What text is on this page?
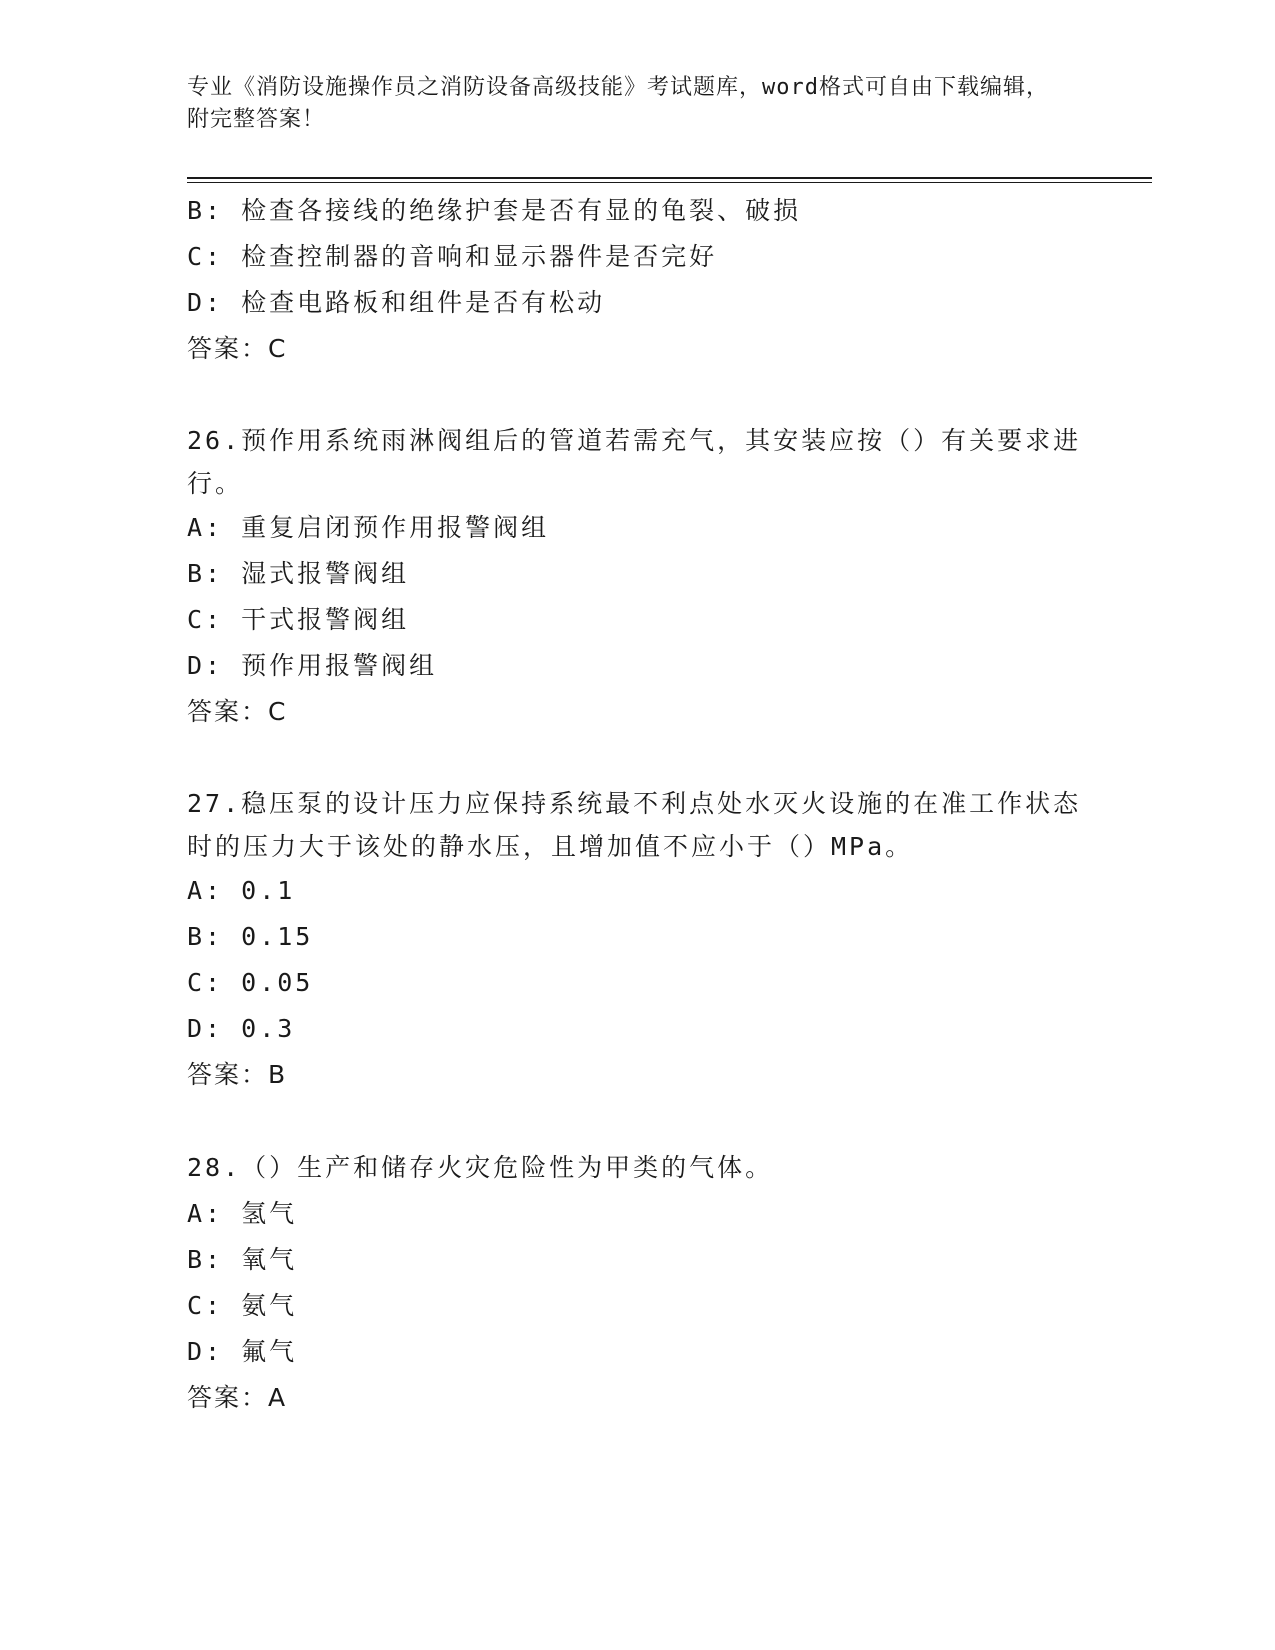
专业《消防设施操作员之消防设备高级技能》考试题库，word格式可自由下载编辑，附完整答案！
B: 检查各接线的绝缘护套是否有显的龟裂、破损
C: 检查控制器的音响和显示器件是否完好
D: 检查电路板和组件是否有松动
答案：C
26.预作用系统雨淋阀组后的管道若需充气，其安装应按（）有关要求进行。
A: 重复启闭预作用报警阀组
B: 湿式报警阀组
C: 干式报警阀组
D: 预作用报警阀组
答案：C
27.稳压泵的设计压力应保持系统最不利点处水灭火设施的在准工作状态时的压力大于该处的静水压，且增加值不应小于（）MPa。
A: 0.1
B: 0.15
C: 0.05
D: 0.3
答案：B
28.（）生产和储存火灾危险性为甲类的气体。
A: 氢气
B: 氧气
C: 氨气
D: 氟气
答案：A
